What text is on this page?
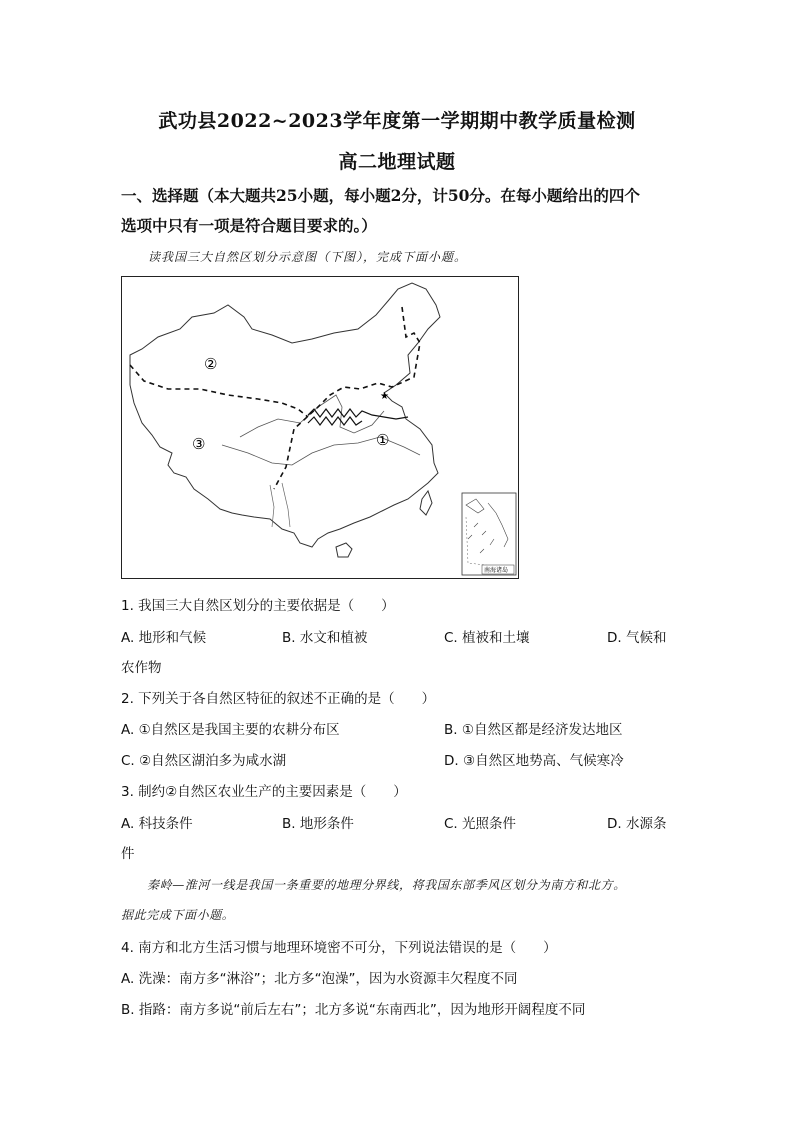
武功县2022~2023学年度第一学期期中教学质量检测
高二地理试题
一、选择题（本大题共25小题，每小题2分，计50分。在每小题给出的四个
选项中只有一项是符合题目要求的。）
读我国三大自然区划分示意图（下图），完成下面小题。
★
②
③	①
南海诸岛
1. 我国三大自然区划分的主要依据是（　　）
A. 地形和气候	B. 水文和植被	C. 植被和土壤	D. 气候和
农作物
2. 下列关于各自然区特征的叙述不正确的是（　　）
A. ①自然区是我国主要的农耕分布区	B. ①自然区都是经济发达地区
C. ②自然区湖泊多为咸水湖	D. ③自然区地势高、气候寒冷
3. 制约②自然区农业生产的主要因素是（　　）
A. 科技条件	B. 地形条件	C. 光照条件	D. 水源条
件
秦岭—淮河一线是我国一条重要的地理分界线，将我国东部季风区划分为南方和北方。
据此完成下面小题。
4. 南方和北方生活习惯与地理环境密不可分，下列说法错误的是（　　）
A. 洗澡：南方多“淋浴”；北方多“泡澡”，因为水资源丰欠程度不同
B. 指路：南方多说“前后左右”；北方多说“东南西北”，因为地形开阔程度不同
